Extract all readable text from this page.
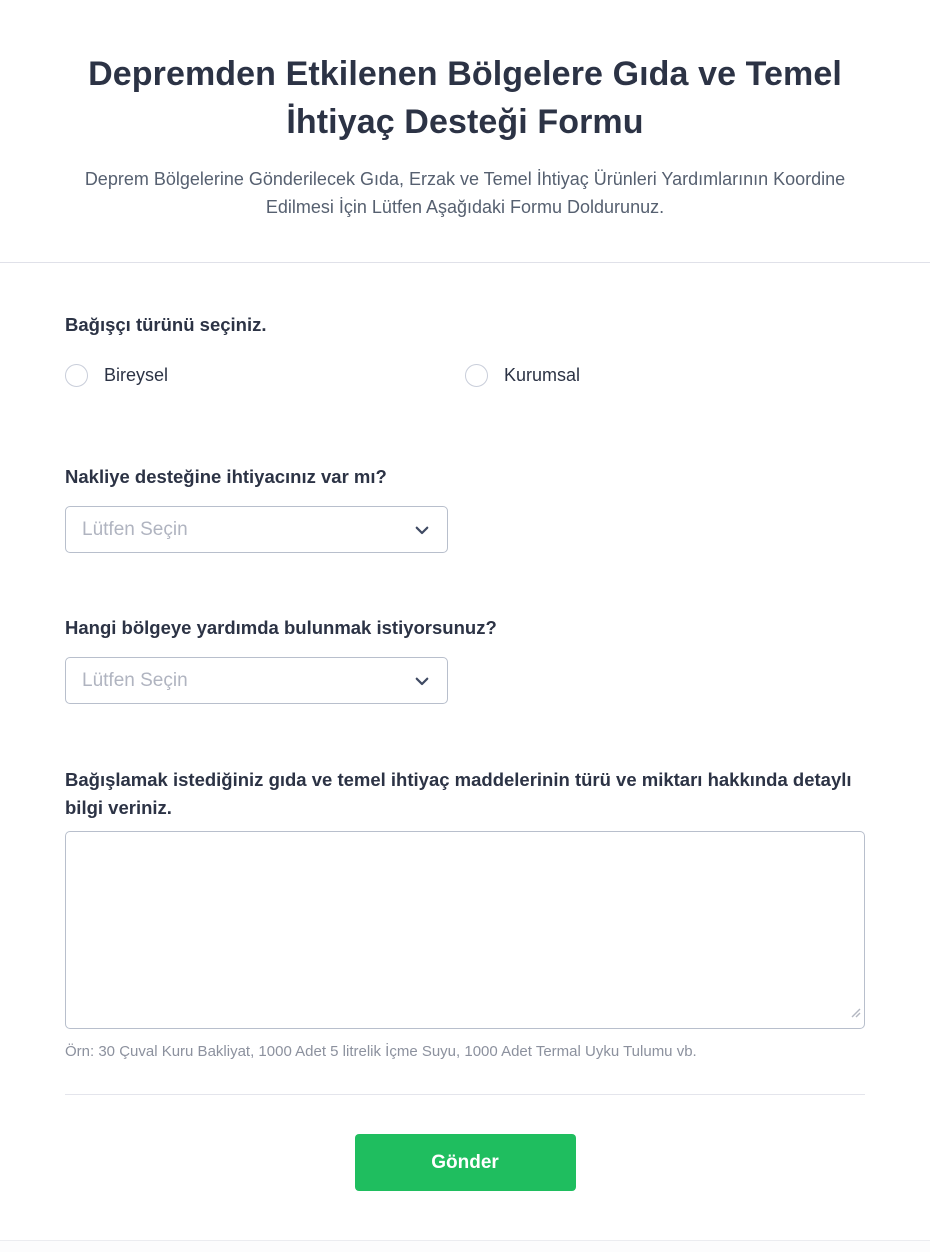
Depremden Etkilenen Bölgelere Gıda ve Temel İhtiyaç Desteği Formu

Deprem Bölgelerine Gönderilecek Gıda, Erzak ve Temel İhtiyaç Ürünleri Yardımlarının Koordine Edilmesi İçin Lütfen Aşağıdaki Formu Doldurunuz.

Bağışçı türünü seçiniz.
Bireysel	Kurumsal
Nakliye desteğine ihtiyacınız var mı?
Lütfen Seçin
Hangi bölgeye yardımda bulunmak istiyorsunuz?
Lütfen Seçin
Bağışlamak istediğiniz gıda ve temel ihtiyaç maddelerinin türü ve miktarı hakkında detaylı bilgi veriniz.
Örn: 30 Çuval Kuru Bakliyat, 1000 Adet 5 litrelik İçme Suyu, 1000 Adet Termal Uyku Tulumu vb.
Gönder
